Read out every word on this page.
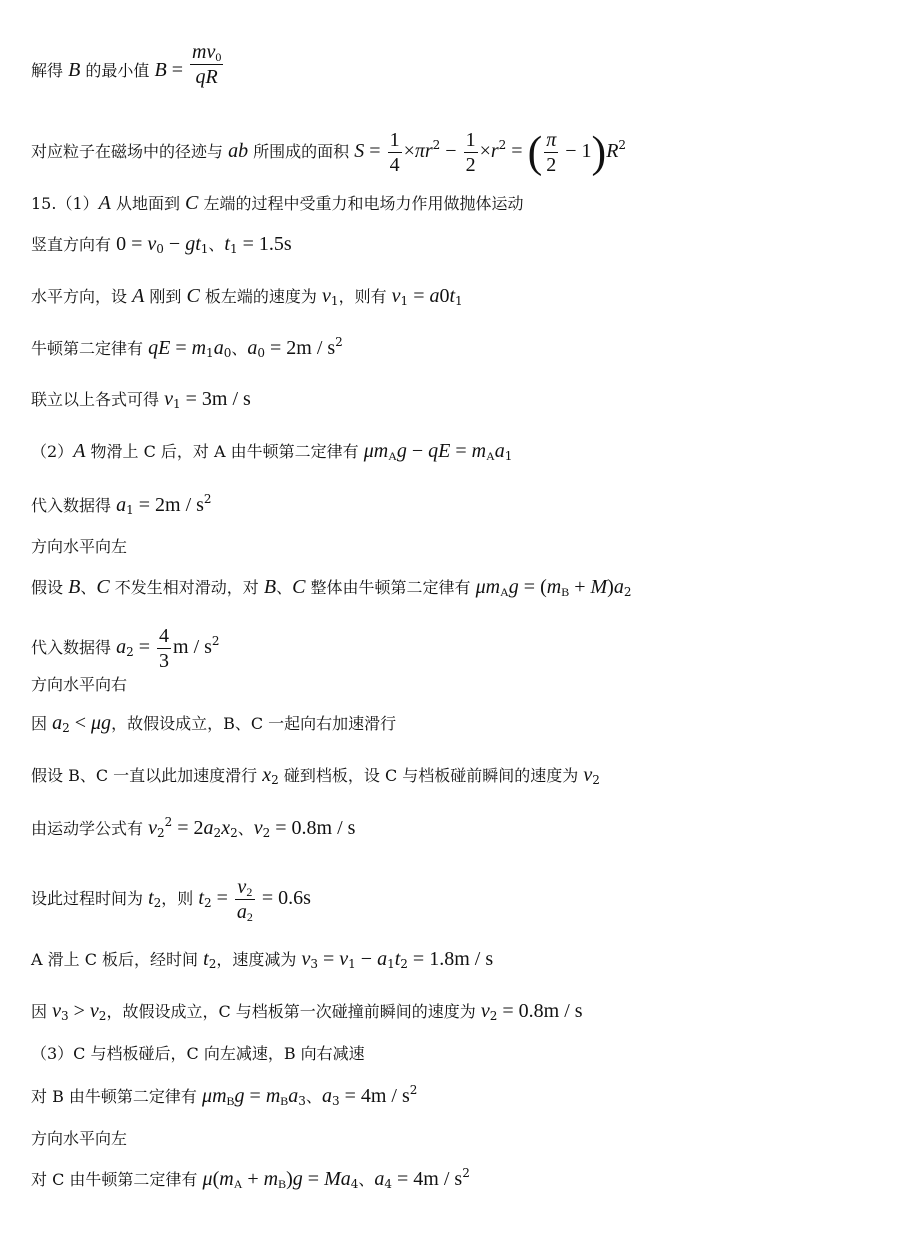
解得 B 的最小值 $B = \frac{mv_0}{qR}$
对应粒子在磁场中的径迹与 ab 所围成的面积 $S = \frac{1}{4} \times\pi r^2 - \frac{1}{2} \times r^2$ = ( $\frac{\pi}{2} - 1)R^2$
15.（1）A 从地面到 C 左端的过程中受重力和电场力作用做抛体运动
竖直方向有 $0 = v_0 - gt_1$、$t_1 = 1.5s$
水平方向，设 A 刚到 C 板左端的速度为 $v_1$，则有 $v_1 = a0t_1$
牛顿第二定律有 qE = $m_1a_0$、$a_0 = 2m / s^2$
联立以上各式可得 $v_1 = 3m / s$
（2）A 物滑上 C 后，对 A 由牛顿第二定律有 $\mu m_Ag$ − qE = $m_Aa_1$
代入数据得 $a_1 = 2m / s^2$
方向水平向左
假设 B、C 不发生相对滑动，对 B、C 整体由牛顿第二定律有 $\mu m_Ag = (m_B + M)a_2$
代入数据得 $a_2 = \frac{4}{3}$ m / $s^2$
方向水平向右
因 $a_2 < \mu g$，故假设成立，B、C 一起向右加速滑行
假设 B、C 一直以此加速度滑行 $x_2$ 碰到档板，设 C 与档板碰前瞬间的速度为 $v_2$
由运动学公式有 $v_2^2 = 2a_2x_2$、$v_2 = 0.8m / s$
设此过程时间为 $t_2$，则 $t_2 = \frac{v_2}{a_2} = 0.6s$
A 滑上 C 板后，经时间 $t_2$，速度减为 $v_3 = v_1 - a_1t_2 = 1.8m / s$
因 $v_3 > v_2$，故假设成立，C 与档板第一次碰撞前瞬间的速度为 $v_2 = 0.8m / s$
（3）C 与档板碰后，C 向左减速，B 向右减速
对 B 由牛顿第二定律有 $\mu m_Bg = m_Ba_3$、$a_3 = 4m / s^2$
方向水平向左
对 C 由牛顿第二定律有 $\mu(m_A + m_B)g = Ma_4$、$a_4 = 4m / s^2$
